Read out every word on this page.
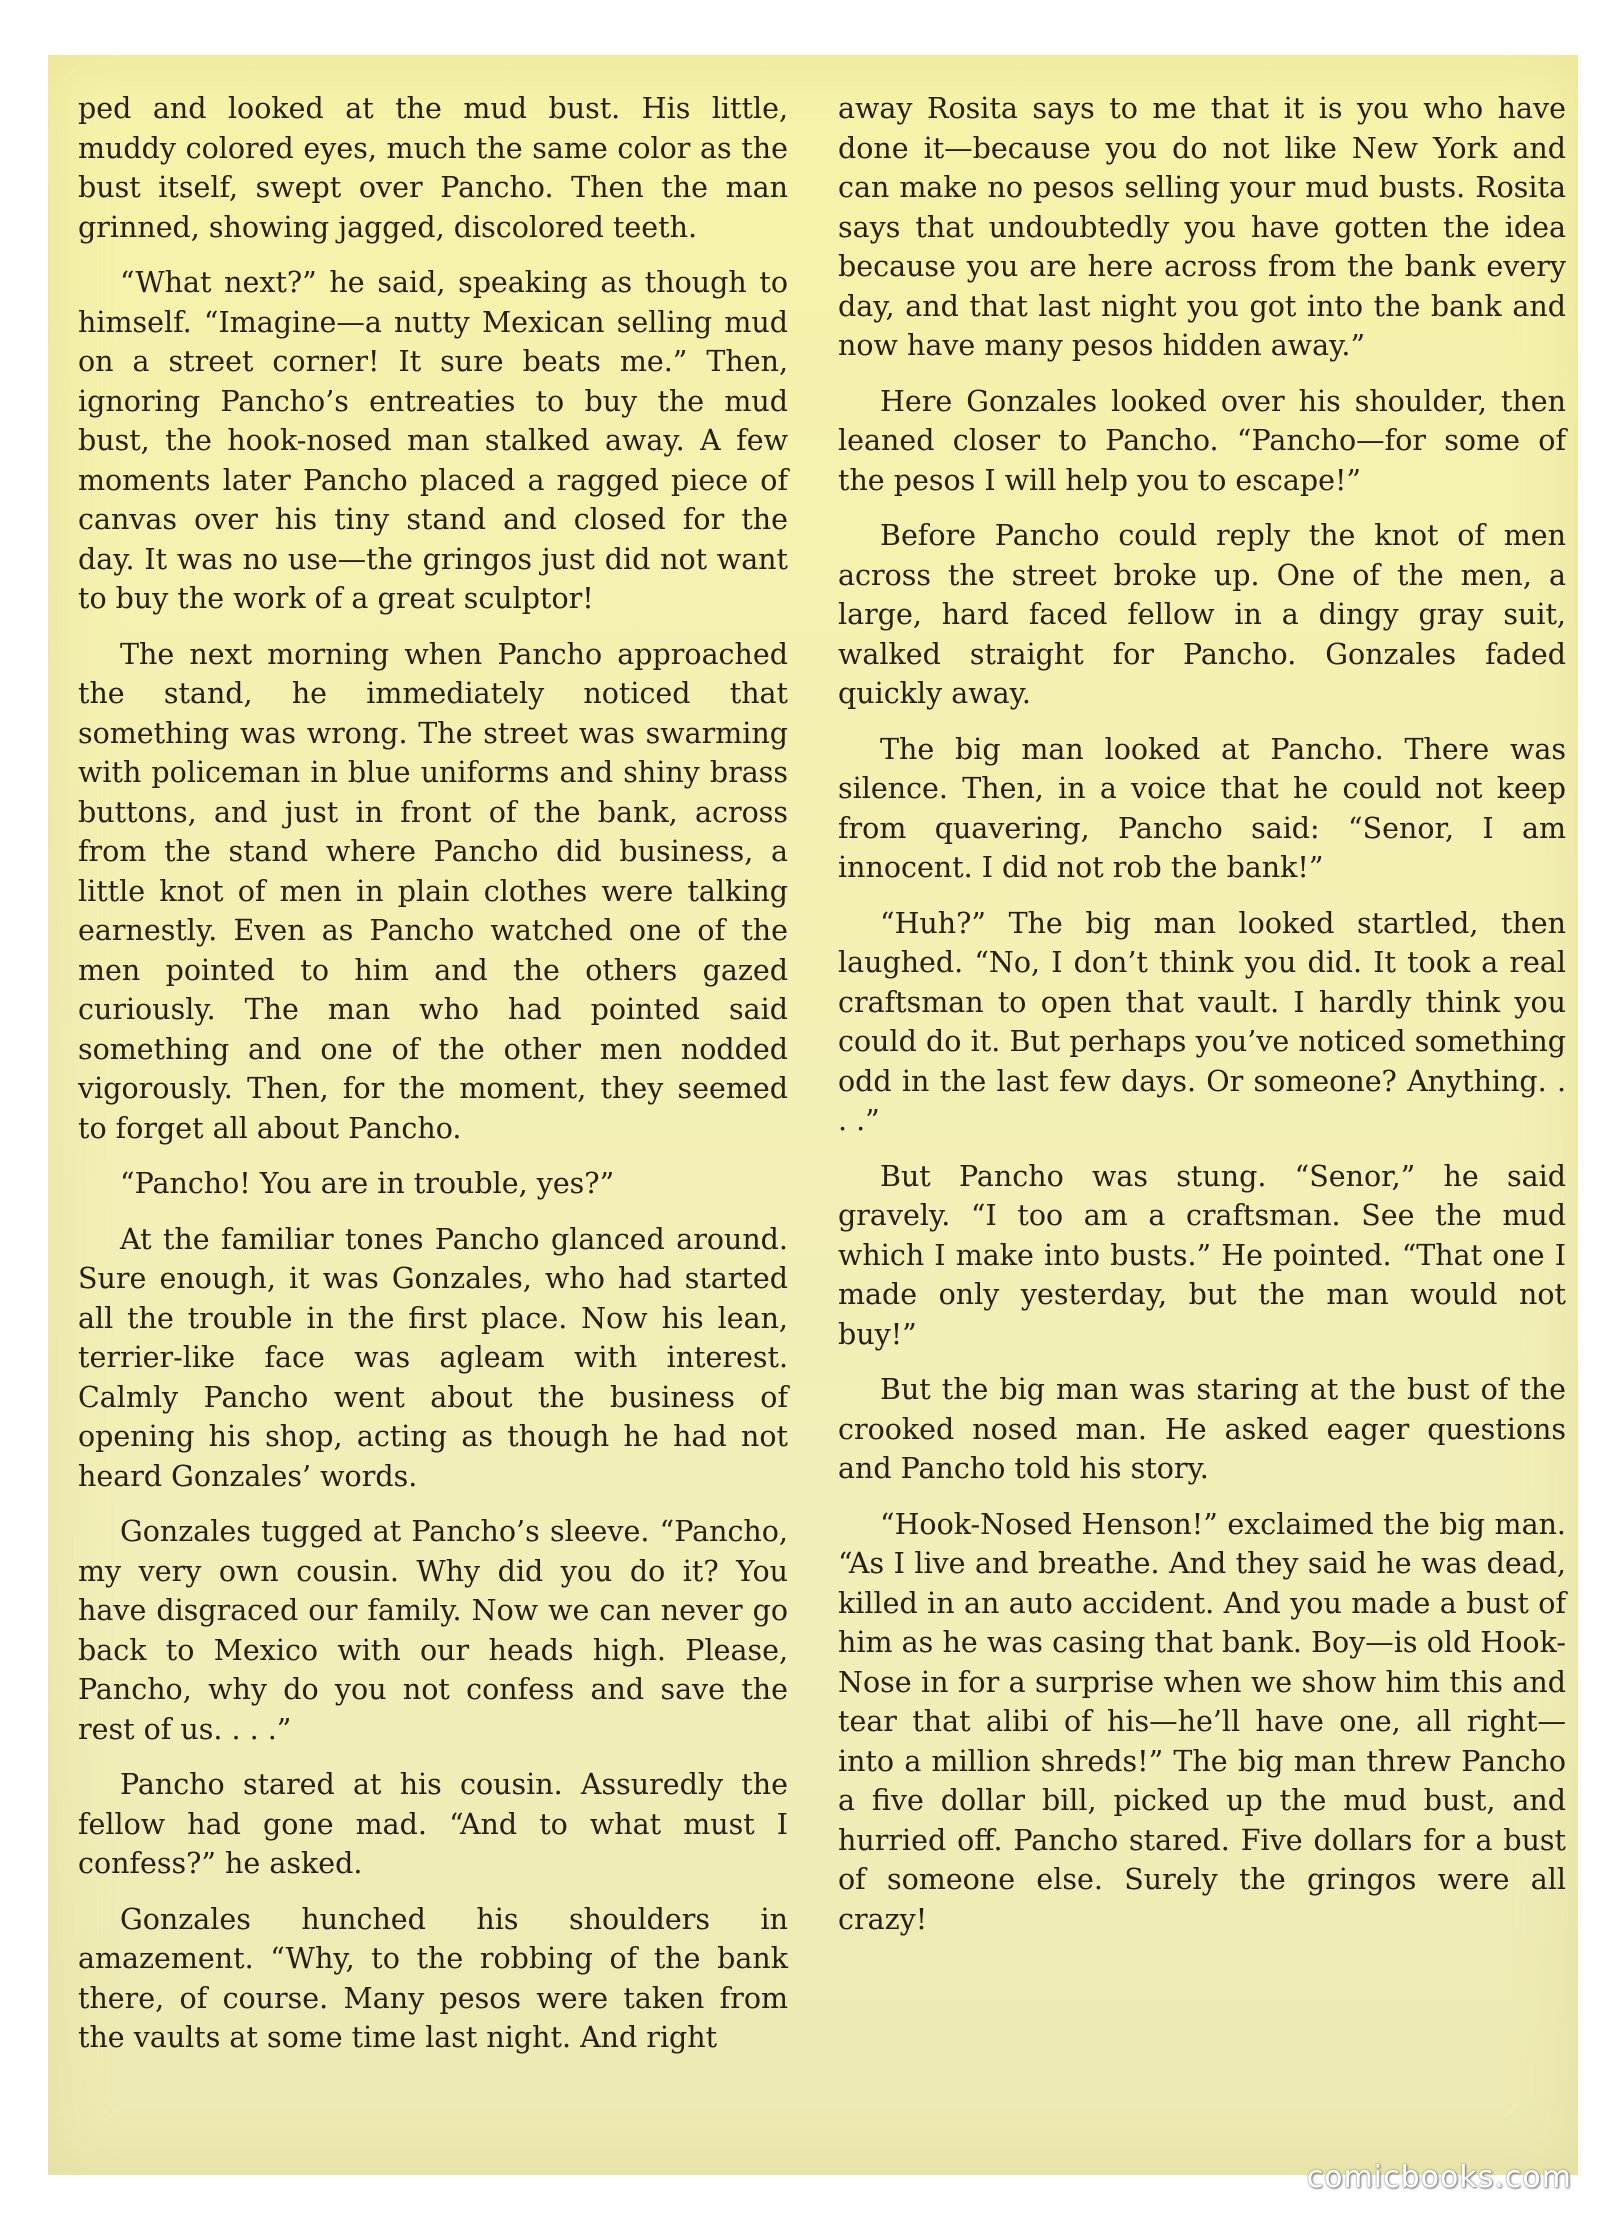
ped and looked at the mud bust. His little, muddy colored eyes, much the same color as the bust itself, swept over Pancho. Then the man grinned, showing jagged, discolored teeth.

“What next?” he said, speaking as though to himself. “Imagine—a nutty Mexican selling mud on a street corner! It sure beats me.” Then, ignoring Pancho’s entreaties to buy the mud bust, the hook-nosed man stalked away. A few moments later Pancho placed a ragged piece of canvas over his tiny stand and closed for the day. It was no use—the gringos just did not want to buy the work of a great sculptor!

The next morning when Pancho approached the stand, he immediately noticed that something was wrong. The street was swarming with policeman in blue uniforms and shiny brass buttons, and just in front of the bank, across from the stand where Pancho did business, a little knot of men in plain clothes were talking earnestly. Even as Pancho watched one of the men pointed to him and the others gazed curiously. The man who had pointed said something and one of the other men nodded vigorously. Then, for the moment, they seemed to forget all about Pancho.

“Pancho! You are in trouble, yes?”

At the familiar tones Pancho glanced around. Sure enough, it was Gonzales, who had started all the trouble in the first place. Now his lean, terrier-like face was agleam with interest. Calmly Pancho went about the business of opening his shop, acting as though he had not heard Gonzales’ words.

Gonzales tugged at Pancho’s sleeve. “Pancho, my very own cousin. Why did you do it? You have disgraced our family. Now we can never go back to Mexico with our heads high. Please, Pancho, why do you not confess and save the rest of us. . . .”

Pancho stared at his cousin. Assuredly the fellow had gone mad. “And to what must I confess?” he asked.

Gonzales hunched his shoulders in amazement. “Why, to the robbing of the bank there, of course. Many pesos were taken from the vaults at some time last night. And right

away Rosita says to me that it is you who have done it—because you do not like New York and can make no pesos selling your mud busts. Rosita says that undoubtedly you have gotten the idea because you are here across from the bank every day, and that last night you got into the bank and now have many pesos hidden away.”

Here Gonzales looked over his shoulder, then leaned closer to Pancho. “Pancho—for some of the pesos I will help you to escape!”

Before Pancho could reply the knot of men across the street broke up. One of the men, a large, hard faced fellow in a dingy gray suit, walked straight for Pancho. Gonzales faded quickly away.

The big man looked at Pancho. There was silence. Then, in a voice that he could not keep from quavering, Pancho said: “Senor, I am innocent. I did not rob the bank!”

“Huh?” The big man looked startled, then laughed. “No, I don’t think you did. It took a real craftsman to open that vault. I hardly think you could do it. But perhaps you’ve noticed something odd in the last few days. Or someone? Anything. . . .”

But Pancho was stung. “Senor,” he said gravely. “I too am a craftsman. See the mud which I make into busts.” He pointed. “That one I made only yesterday, but the man would not buy!”

But the big man was staring at the bust of the crooked nosed man. He asked eager questions and Pancho told his story.

“Hook-Nosed Henson!” exclaimed the big man. “As I live and breathe. And they said he was dead, killed in an auto accident. And you made a bust of him as he was casing that bank. Boy—is old Hook-Nose in for a surprise when we show him this and tear that alibi of his—he’ll have one, all right—into a million shreds!” The big man threw Pancho a five dollar bill, picked up the mud bust, and hurried off. Pancho stared. Five dollars for a bust of someone else. Surely the gringos were all crazy!

comicbooks.com
